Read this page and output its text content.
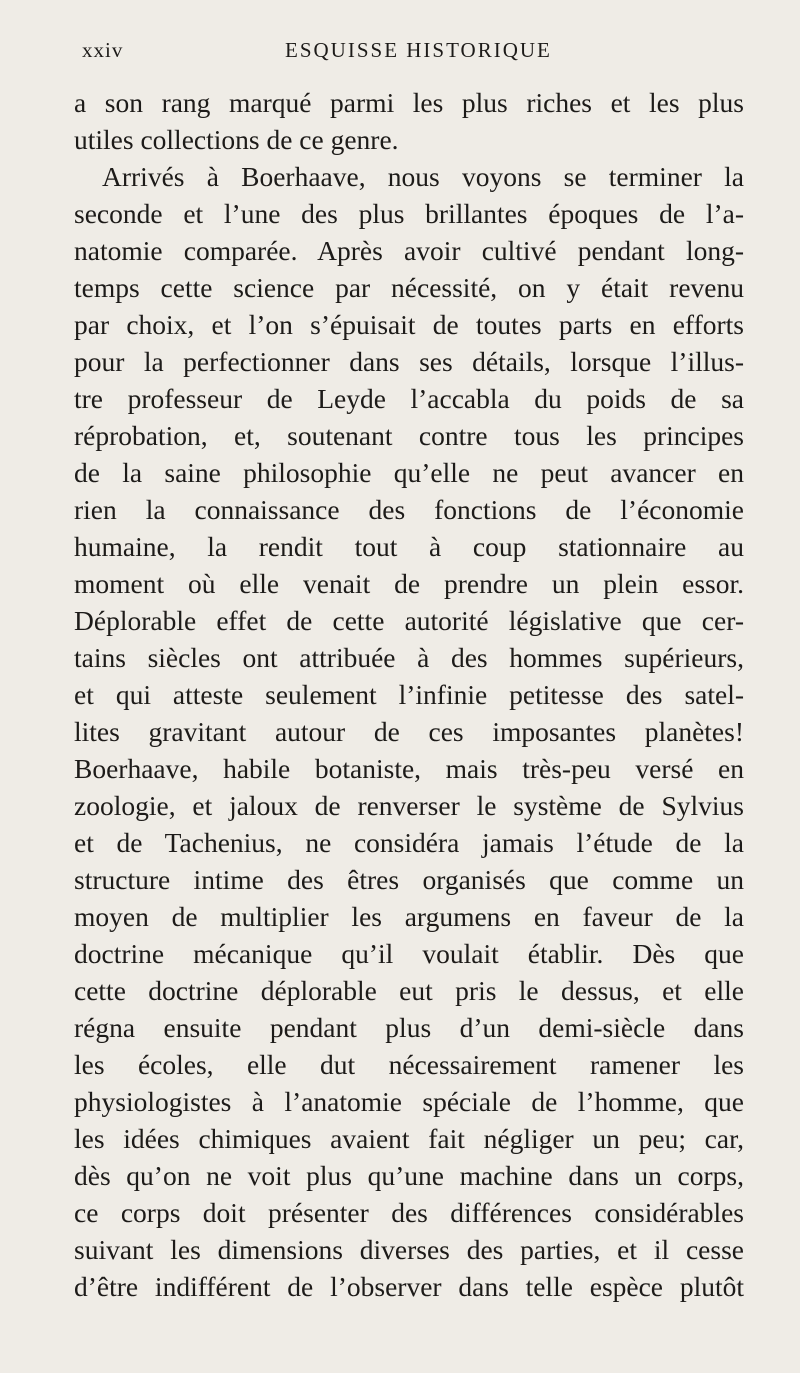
xxiv	ESQUISSE HISTORIQUE
a son rang marqué parmi les plus riches et les plus
utiles collections de ce genre.
Arrivés à Boerhaave, nous voyons se terminer la
seconde et l’une des plus brillantes époques de l’a-
natomie comparée. Après avoir cultivé pendant long-
temps cette science par nécessité, on y était revenu
par choix, et l’on s’épuisait de toutes parts en efforts
pour la perfectionner dans ses détails, lorsque l’illus-
tre professeur de Leyde l’accabla du poids de sa
réprobation, et, soutenant contre tous les principes
de la saine philosophie qu’elle ne peut avancer en
rien la connaissance des fonctions de l’économie
humaine, la rendit tout à coup stationnaire au
moment où elle venait de prendre un plein essor.
Déplorable effet de cette autorité législative que cer-
tains siècles ont attribuée à des hommes supérieurs,
et qui atteste seulement l’infinie petitesse des satel-
lites gravitant autour de ces imposantes planètes!
Boerhaave, habile botaniste, mais très-peu versé en
zoologie, et jaloux de renverser le système de Sylvius
et de Tachenius, ne considéra jamais l’étude de la
structure intime des êtres organisés que comme un
moyen de multiplier les argumens en faveur de la
doctrine mécanique qu’il voulait établir. Dès que
cette doctrine déplorable eut pris le dessus, et elle
régna ensuite pendant plus d’un demi-siècle dans
les écoles, elle dut nécessairement ramener les
physiologistes à l’anatomie spéciale de l’homme, que
les idées chimiques avaient fait négliger un peu; car,
dès qu’on ne voit plus qu’une machine dans un corps,
ce corps doit présenter des différences considérables
suivant les dimensions diverses des parties, et il cesse
d’être indifférent de l’observer dans telle espèce plutôt
